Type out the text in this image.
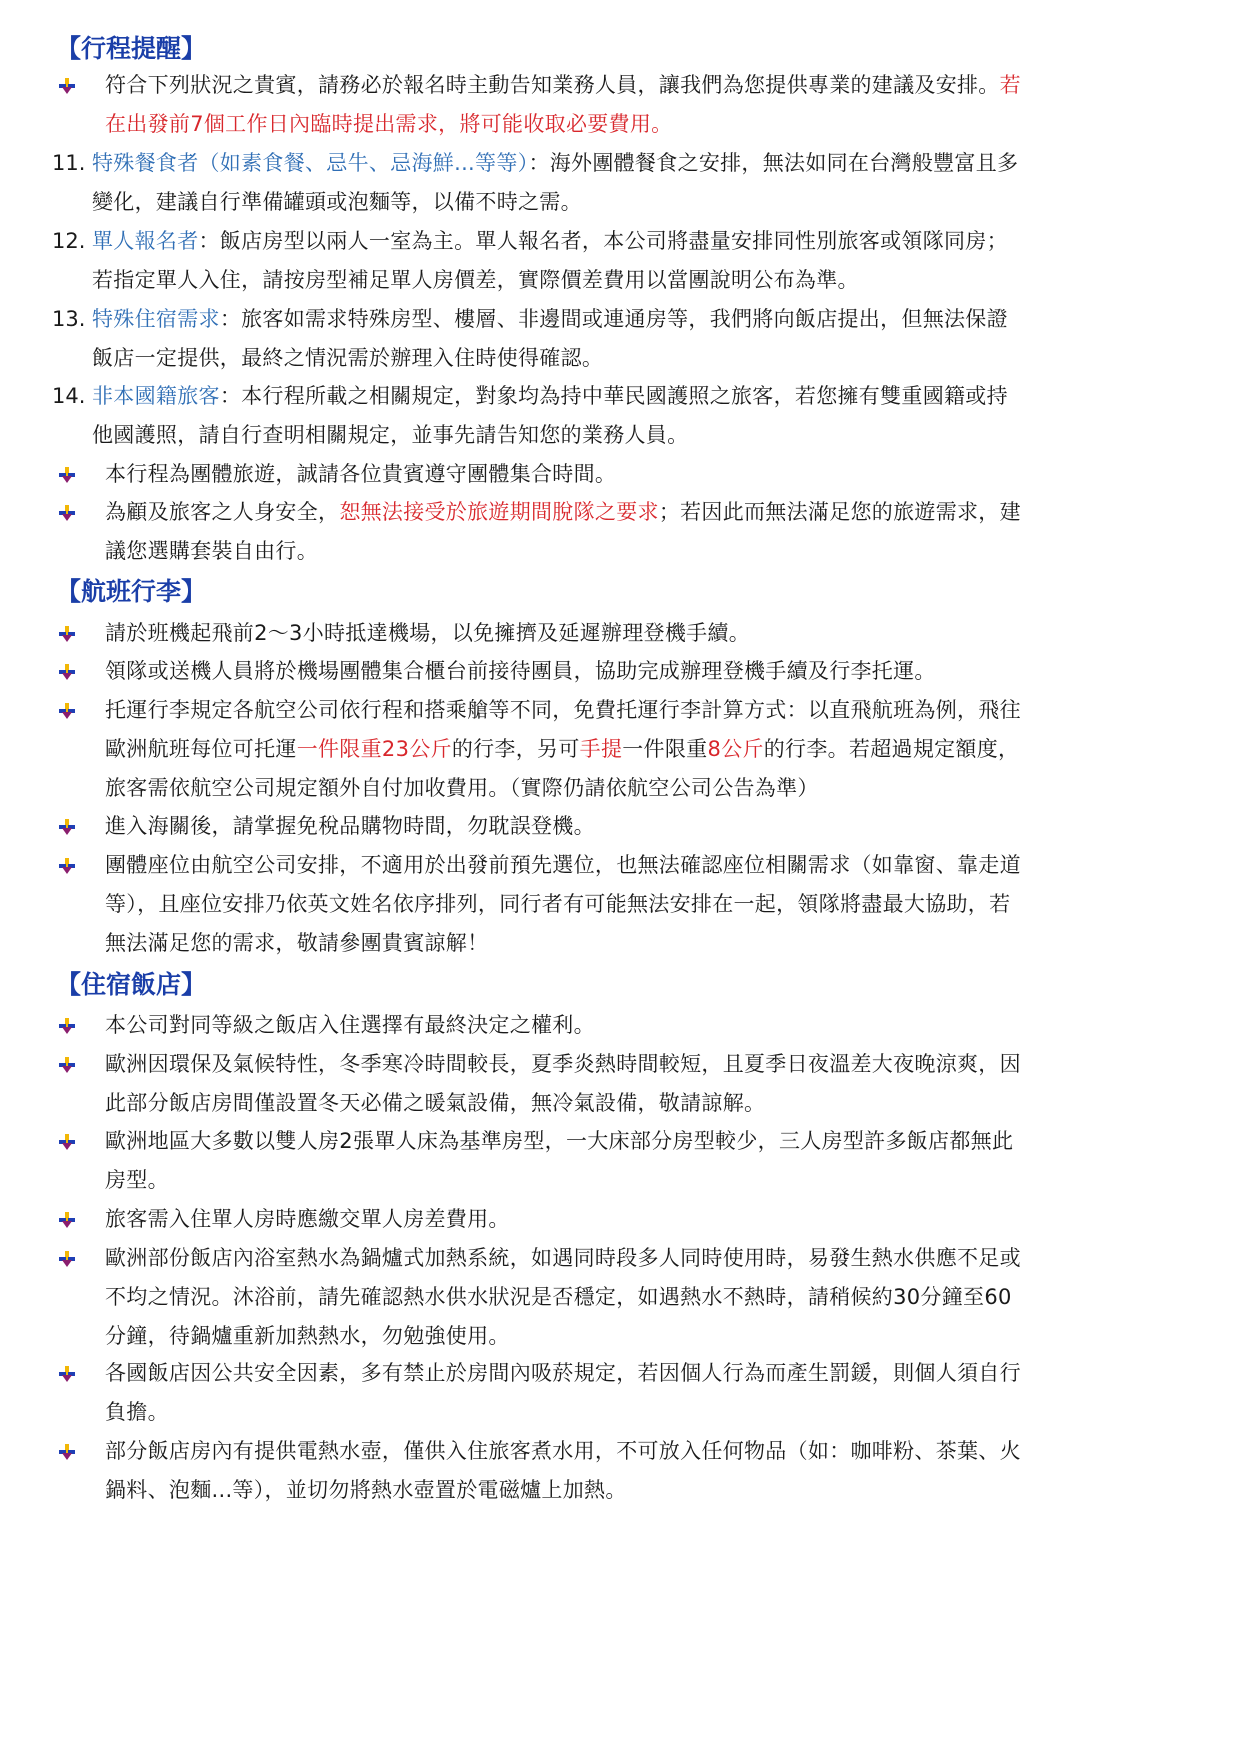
【行程提醒】
符合下列狀況之貴賓，請務必於報名時主動告知業務人員，讓我們為您提供專業的建議及安排。若
在出發前7個工作日內臨時提出需求，將可能收取必要費用。
11. 特殊餐食者（如素食餐、忌牛、忌海鮮...等等）：海外團體餐食之安排，無法如同在台灣般豐富且多
變化，建議自行準備罐頭或泡麵等，以備不時之需。
12. 單人報名者：飯店房型以兩人一室為主。單人報名者，本公司將盡量安排同性別旅客或領隊同房；
若指定單人入住，請按房型補足單人房價差，實際價差費用以當團說明公布為準。
13. 特殊住宿需求：旅客如需求特殊房型、樓層、非邊間或連通房等，我們將向飯店提出，但無法保證
飯店一定提供，最終之情況需於辦理入住時使得確認。
14. 非本國籍旅客：本行程所載之相關規定，對象均為持中華民國護照之旅客，若您擁有雙重國籍或持
他國護照，請自行查明相關規定，並事先請告知您的業務人員。
本行程為團體旅遊，誠請各位貴賓遵守團體集合時間。
為顧及旅客之人身安全，恕無法接受於旅遊期間脫隊之要求；若因此而無法滿足您的旅遊需求，建
議您選購套裝自由行。
【航班行李】
請於班機起飛前2～3小時抵達機場，以免擁擠及延遲辦理登機手續。
領隊或送機人員將於機場團體集合櫃台前接待團員，協助完成辦理登機手續及行李托運。
托運行李規定各航空公司依行程和搭乘艙等不同，免費托運行李計算方式：以直飛航班為例，飛往
歐洲航班每位可托運一件限重23公斤的行李，另可手提一件限重8公斤的行李。若超過規定額度，
旅客需依航空公司規定額外自付加收費用。（實際仍請依航空公司公告為準）
進入海關後，請掌握免稅品購物時間，勿耽誤登機。
團體座位由航空公司安排，不適用於出發前預先選位，也無法確認座位相關需求（如靠窗、靠走道
等），且座位安排乃依英文姓名依序排列，同行者有可能無法安排在一起，領隊將盡最大協助，若
無法滿足您的需求，敬請參團貴賓諒解！
【住宿飯店】
本公司對同等級之飯店入住選擇有最終決定之權利。
歐洲因環保及氣候特性，冬季寒冷時間較長，夏季炎熱時間較短，且夏季日夜溫差大夜晚涼爽，因
此部分飯店房間僅設置冬天必備之暖氣設備，無冷氣設備，敬請諒解。
歐洲地區大多數以雙人房2張單人床為基準房型，一大床部分房型較少，三人房型許多飯店都無此
房型。
旅客需入住單人房時應繳交單人房差費用。
歐洲部份飯店內浴室熱水為鍋爐式加熱系統，如遇同時段多人同時使用時，易發生熱水供應不足或
不均之情況。沐浴前，請先確認熱水供水狀況是否穩定，如遇熱水不熱時，請稍候約30分鐘至60
分鐘，待鍋爐重新加熱熱水，勿勉強使用。
各國飯店因公共安全因素，多有禁止於房間內吸菸規定，若因個人行為而產生罰鍰，則個人須自行
負擔。
部分飯店房內有提供電熱水壺，僅供入住旅客煮水用，不可放入任何物品（如：咖啡粉、茶葉、火
鍋料、泡麵...等），並切勿將熱水壺置於電磁爐上加熱。
